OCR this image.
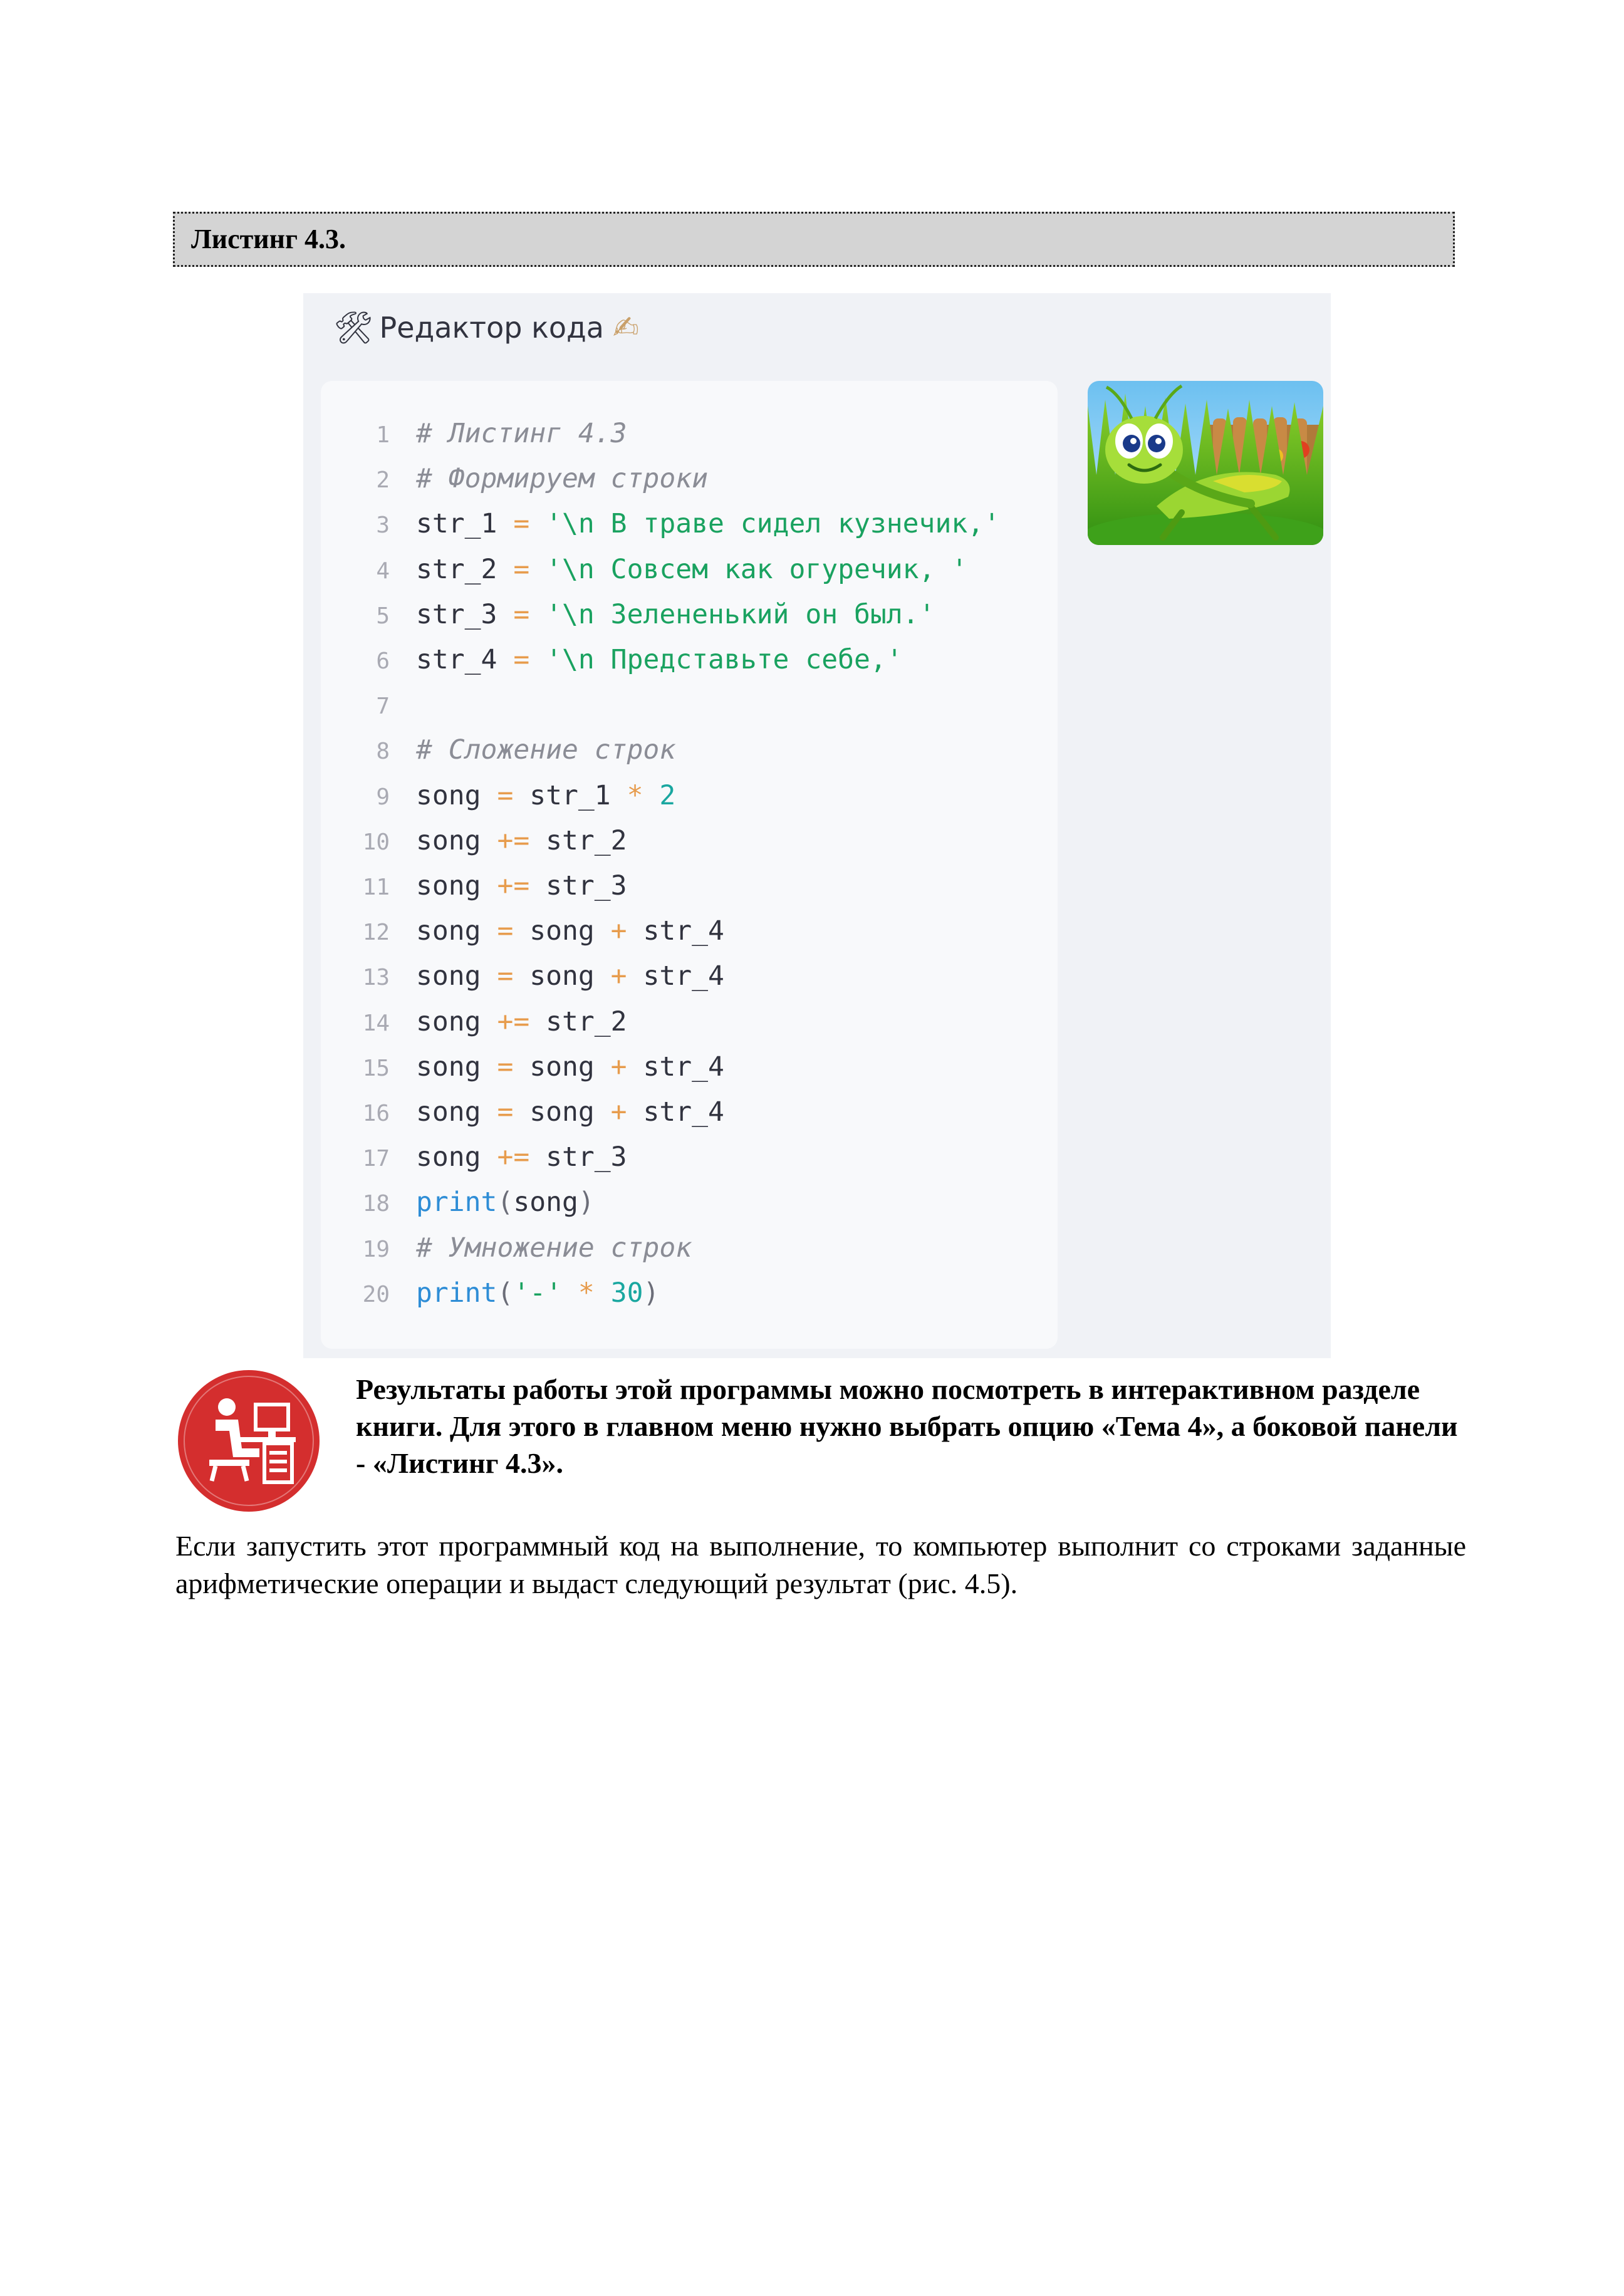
Листинг 4.3.
🛠 Редактор кода ✍
1 # Листинг 4.3
2 # Формируем строки
3 str_1 = '\n В траве сидел кузнечик,'
4 str_2 = '\n Совсем как огуречик, '
5 str_3 = '\n Зелененький он был.'
6 str_4 = '\n Представьте себе,'
7
8 # Сложение строк
9 song = str_1 * 2
10 song += str_2
11 song += str_3
12 song = song + str_4
13 song = song + str_4
14 song += str_2
15 song = song + str_4
16 song = song + str_4
17 song += str_3
18 print(song)
19 # Умножение строк
20 print('-' * 30)
Результаты работы этой программы можно посмотреть в интерактивном разделе книги. Для этого в главном меню нужно выбрать опцию «Тема 4», а боковой панели - «Листинг 4.3».
Если запустить этот программный код на выполнение, то компьютер выполнит со строками заданные арифметические операции и выдаст следующий результат (рис. 4.5).
